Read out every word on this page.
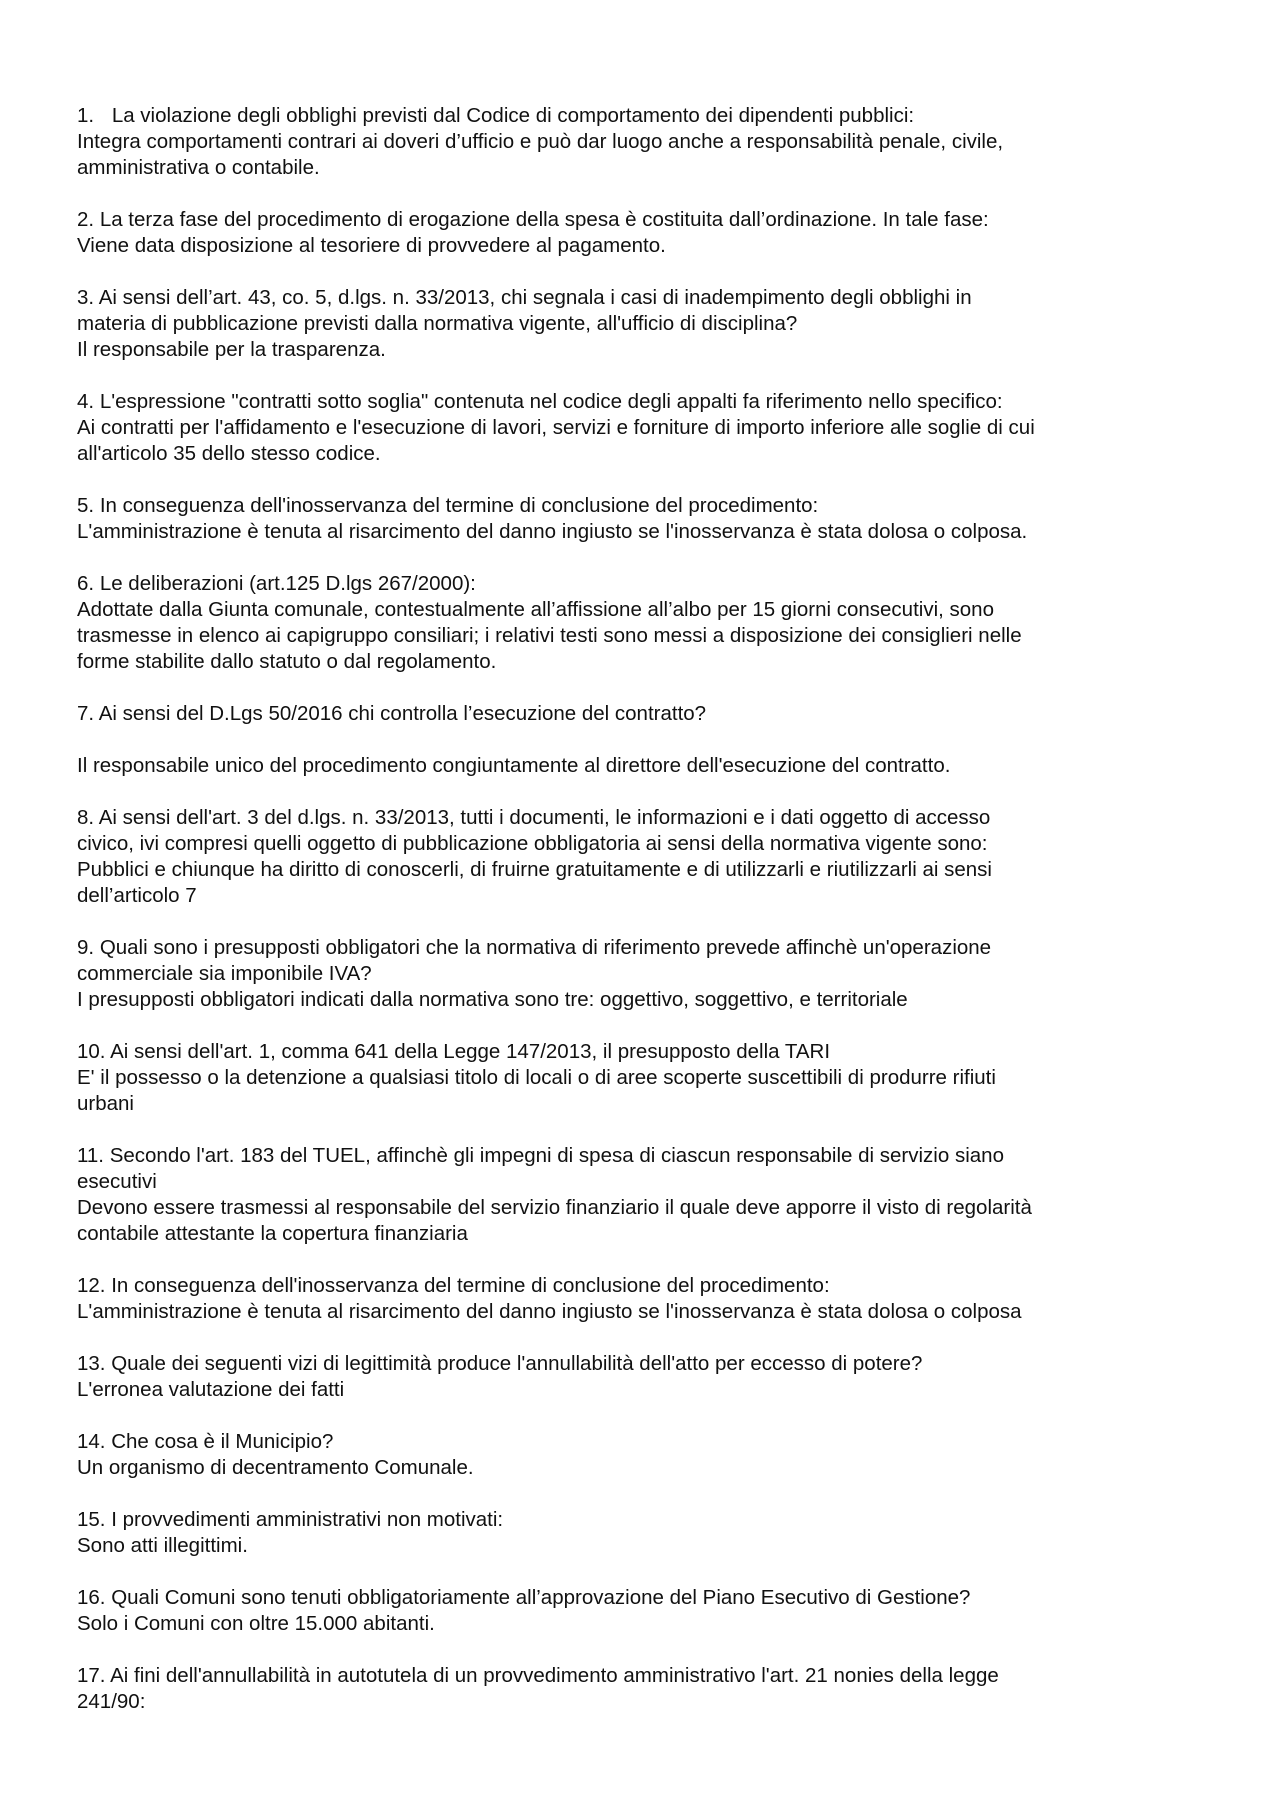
1. La violazione degli obblighi previsti dal Codice di comportamento dei dipendenti pubblici:
Integra comportamenti contrari ai doveri d’ufficio e può dar luogo anche a responsabilità penale, civile,
amministrativa o contabile.
2. La terza fase del procedimento di erogazione della spesa è costituita dall’ordinazione. In tale fase:
Viene data disposizione al tesoriere di provvedere al pagamento.
3. Ai sensi dell’art. 43, co. 5, d.lgs. n. 33/2013, chi segnala i casi di inadempimento degli obblighi in
materia di pubblicazione previsti dalla normativa vigente, all'ufficio di disciplina?
Il responsabile per la trasparenza.
4. L'espressione "contratti sotto soglia" contenuta nel codice degli appalti fa riferimento nello specifico:
Ai contratti per l'affidamento e l'esecuzione di lavori, servizi e forniture di importo inferiore alle soglie di cui
all'articolo 35 dello stesso codice.
5. In conseguenza dell'inosservanza del termine di conclusione del procedimento:
L'amministrazione è tenuta al risarcimento del danno ingiusto se l'inosservanza è stata dolosa o colposa.
6. Le deliberazioni (art.125 D.lgs 267/2000):
Adottate dalla Giunta comunale, contestualmente all’affissione all’albo per 15 giorni consecutivi, sono
trasmesse in elenco ai capigruppo consiliari; i relativi testi sono messi a disposizione dei consiglieri nelle
forme stabilite dallo statuto o dal regolamento.
7. Ai sensi del D.Lgs 50/2016 chi controlla l’esecuzione del contratto?
Il responsabile unico del procedimento congiuntamente al direttore dell'esecuzione del contratto.
8. Ai sensi dell'art. 3 del d.lgs. n. 33/2013, tutti i documenti, le informazioni e i dati oggetto di accesso
civico, ivi compresi quelli oggetto di pubblicazione obbligatoria ai sensi della normativa vigente sono:
Pubblici e chiunque ha diritto di conoscerli, di fruirne gratuitamente e di utilizzarli e riutilizzarli ai sensi
dell’articolo 7
9. Quali sono i presupposti obbligatori che la normativa di riferimento prevede affinchè un'operazione
commerciale sia imponibile IVA?
I presupposti obbligatori indicati dalla normativa sono tre: oggettivo, soggettivo, e territoriale
10. Ai sensi dell'art. 1, comma 641 della Legge 147/2013, il presupposto della TARI
E' il possesso o la detenzione a qualsiasi titolo di locali o di aree scoperte suscettibili di produrre rifiuti
urbani
11. Secondo l'art. 183 del TUEL, affinchè gli impegni di spesa di ciascun responsabile di servizio siano
esecutivi
Devono essere trasmessi al responsabile del servizio finanziario il quale deve apporre il visto di regolarità
contabile attestante la copertura finanziaria
12. In conseguenza dell'inosservanza del termine di conclusione del procedimento:
L'amministrazione è tenuta al risarcimento del danno ingiusto se l'inosservanza è stata dolosa o colposa
13. Quale dei seguenti vizi di legittimità produce l'annullabilità dell'atto per eccesso di potere?
L'erronea valutazione dei fatti
14. Che cosa è il Municipio?
Un organismo di decentramento Comunale.
15. I provvedimenti amministrativi non motivati:
Sono atti illegittimi.
16. Quali Comuni sono tenuti obbligatoriamente all’approvazione del Piano Esecutivo di Gestione?
Solo i Comuni con oltre 15.000 abitanti.
17. Ai fini dell'annullabilità in autotutela di un provvedimento amministrativo l'art. 21 nonies della legge
241/90:
